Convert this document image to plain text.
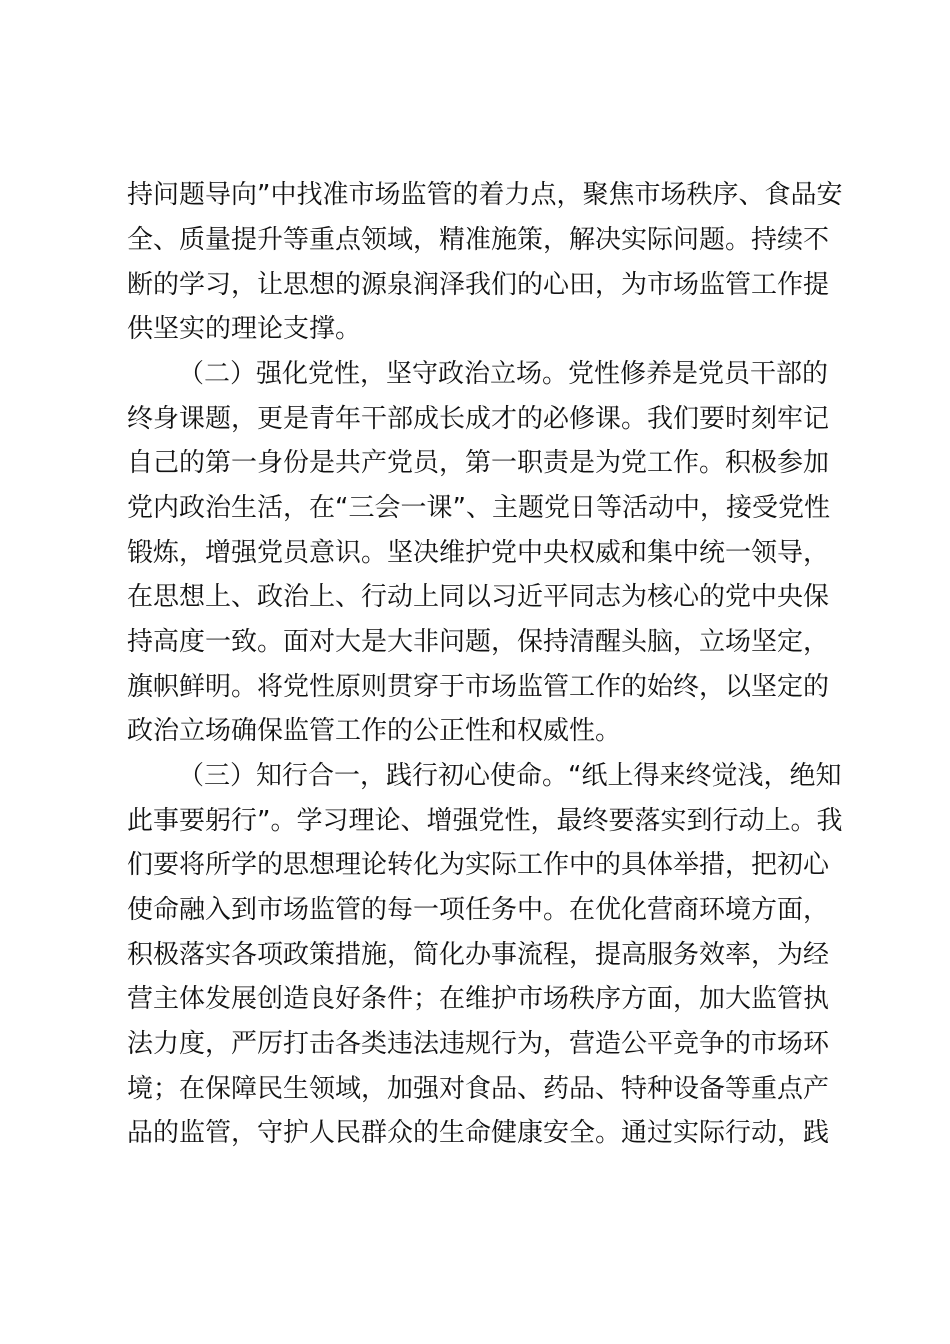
持问题导向”中找准市场监管的着力点，聚焦市场秩序、食品安
全、质量提升等重点领域，精准施策，解决实际问题。持续不
断的学习，让思想的源泉润泽我们的心田，为市场监管工作提
供坚实的理论支撑。
（二）强化党性，坚守政治立场。党性修养是党员干部的
终身课题，更是青年干部成长成才的必修课。我们要时刻牢记
自己的第一身份是共产党员，第一职责是为党工作。积极参加
党内政治生活，在“三会一课”、主题党日等活动中，接受党性
锻炼，增强党员意识。坚决维护党中央权威和集中统一领导，
在思想上、政治上、行动上同以习近平同志为核心的党中央保
持高度一致。面对大是大非问题，保持清醒头脑，立场坚定，
旗帜鲜明。将党性原则贯穿于市场监管工作的始终，以坚定的
政治立场确保监管工作的公正性和权威性。
（三）知行合一，践行初心使命。“纸上得来终觉浅，绝知
此事要躬行”。学习理论、增强党性，最终要落实到行动上。我
们要将所学的思想理论转化为实际工作中的具体举措，把初心
使命融入到市场监管的每一项任务中。在优化营商环境方面，
积极落实各项政策措施，简化办事流程，提高服务效率，为经
营主体发展创造良好条件；在维护市场秩序方面，加大监管执
法力度，严厉打击各类违法违规行为，营造公平竞争的市场环
境；在保障民生领域，加强对食品、药品、特种设备等重点产
品的监管，守护人民群众的生命健康安全。通过实际行动，践
